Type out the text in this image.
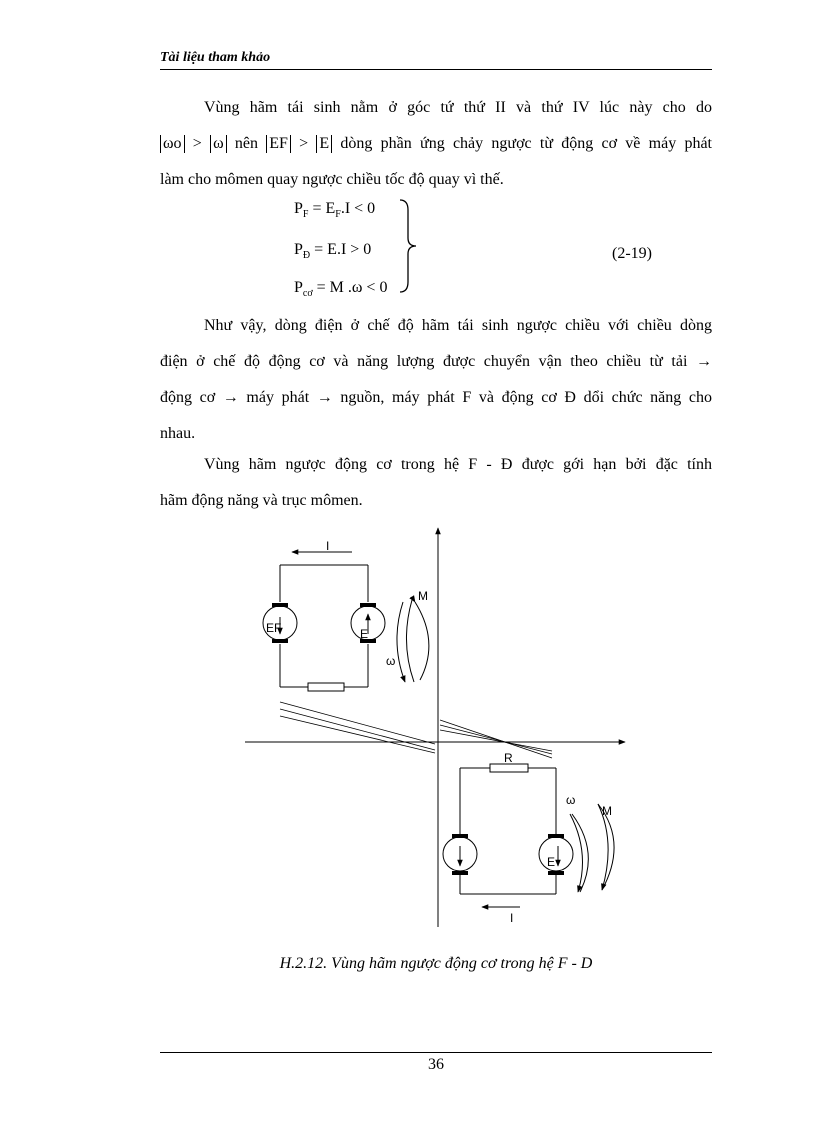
Tài liệu tham khảo
Vùng hãm tái sinh nằm ở góc tứ thứ II và thứ IV lúc này cho do
ωo > ω nên EF > E dòng phần ứng chảy ngược từ động cơ về máy phát
làm cho mômen quay ngược chiều tốc độ quay vì thế.
$P_F = E_F.I < 0$
$P_Đ = E.I > 0$
$P_{cơ} = M$ .ω < 0
(2-19)
Như vậy, dòng điện ở chế độ hãm tái sinh ngược chiều với chiều dòng
điện ở chế độ động cơ và năng lượng được chuyển vận theo chiều từ tải →
động cơ → máy phát → nguồn, máy phát F và động cơ Đ dổi chức năng cho
nhau.
Vùng hãm ngược động cơ trong hệ F - Đ được gới hạn bởi đặc tính
hãm động năng và trục mômen.
I
EF	E
M
ω
R
E
I
ω
M
H.2.12. Vùng hãm ngược động cơ trong hệ F - D
36
